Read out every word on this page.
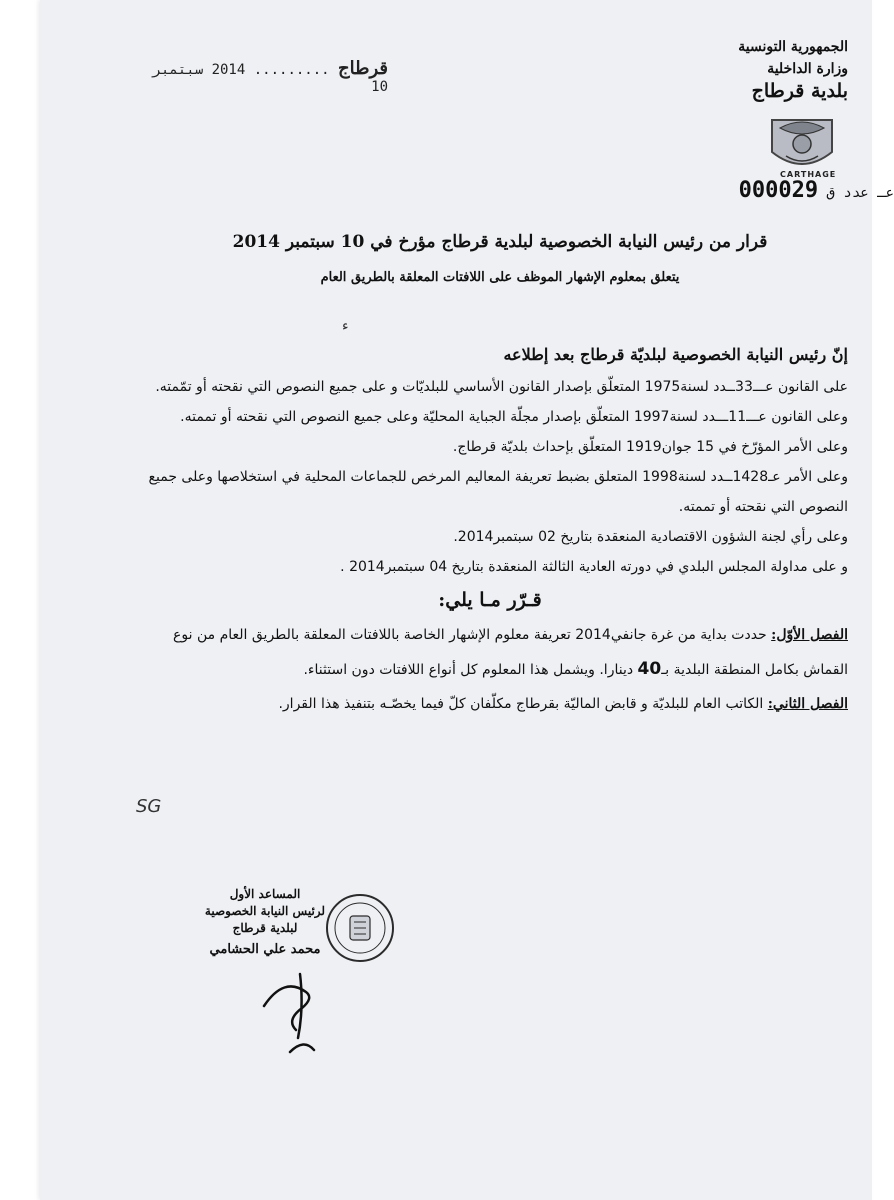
الجمهورية التونسية
وزارة الداخلية
بلدية قرطاج
CARTHAGE
عـ عدد ق 000029
قرطاج ......... 2014 سبتمبر 10
قرار من رئيس النيابة الخصوصية لبلدية قرطاج مؤرخ في 10 سبتمبر 2014
يتعلق بمعلوم الإشهار الموظف على اللافتات المعلقة بالطريق العام
ﺀ

إنّ رئيس النيابة الخصوصية لبلديّة قرطاج بعد إطلاعه

على القانون عـــ33ــدد لسنة1975 المتعلّق بإصدار القانون الأساسي للبلديّات و على جميع النصوص التي نقحته أو تمّمته.

وعلى القانون عـــ11ـــدد لسنة1997 المتعلّق بإصدار مجلّة الجباية المحليّة وعلى جميع النصوص التي نقحته أو تممته.

وعلى الأمر المؤرّخ في 15 جوان1919 المتعلّق بإحداث بلديّة قرطاج.

وعلى الأمر عـ1428ــدد لسنة1998 المتعلق بضبط تعريفة المعاليم المرخص للجماعات المحلية في استخلاصها وعلى جميع النصوص التي نقحته أو تممته.

وعلى رأي لجنة الشؤون الاقتصادية المنعقدة بتاريخ 02 سبتمبر2014.

و على مداولة المجلس البلدي في دورته العادية الثالثة المنعقدة بتاريخ 04 سبتمبر2014 .

قـرّر مـا يلي:

الفصل الأوّل: حددت بداية من غرة جانفي2014 تعريفة معلوم الإشهار الخاصة باللافتات المعلقة بالطريق العام من نوع القماش بكامل المنطقة البلدية بـ40 دينارا. ويشمل هذا المعلوم كل أنواع اللافتات دون استثناء.

الفصل الثاني: الكاتب العام للبلديّة و قابض الماليّة بقرطاج مكلّفان كلّ فيما يخصّـه بتنفيذ هذا القرار.

SG
المساعد الأول
لرئيس النيابة الخصوصية
لبلدية قرطاج
محمد علي الحشامي
